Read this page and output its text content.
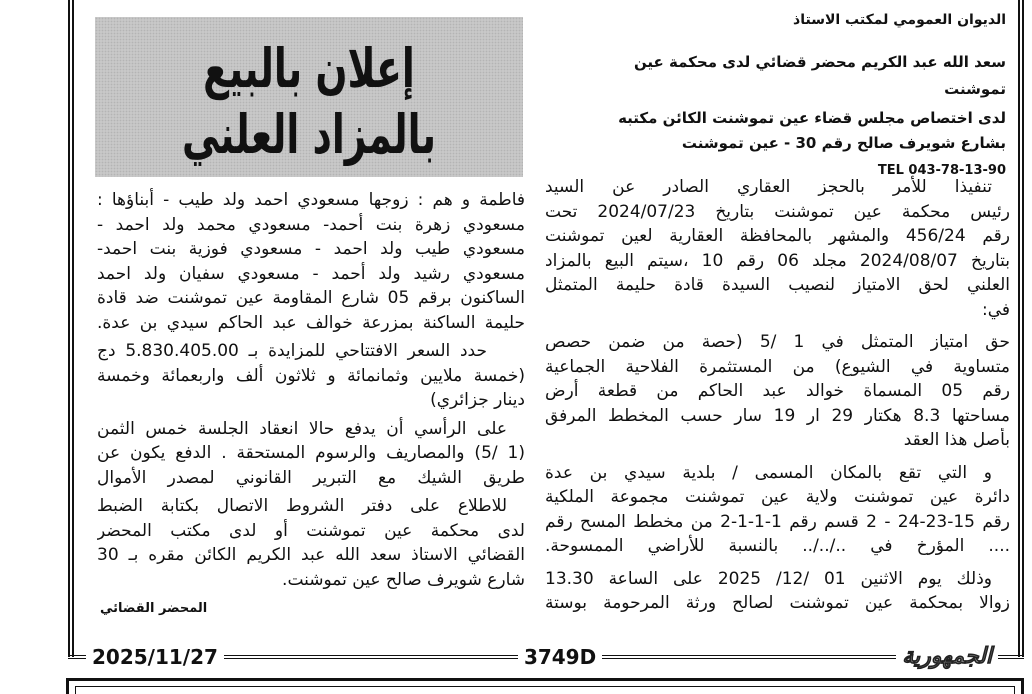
الديوان العمومي لمكتب الاستاذ
سعد الله عبد الكريم محضر قضائي لدى محكمة عين
تموشنت
لدى اختصاص مجلس قضاء عين تموشنت الكائن مكتبه
بشارع شويرف صالح رقم 30 - عين تموشنت
TEL 043-78-13-90
إعلان بالبيع
بالمزاد العلني
تنفيذا للأمر بالحجز العقاري الصادر عن السيد
رئيس محكمة عين تموشنت بتاريخ 2024/07/23 تحت
رقم 456/24 والمشهر بالمحافظة العقارية لعين تموشنت
بتاريخ 2024/08/07 مجلد 06 رقم 10 ،سيتم البيع بالمزاد
العلني لحق الامتياز لنصيب السيدة قادة حليمة المتمثل
في:
حق امتياز المتمثل في 1 /5 (حصة من ضمن حصص
متساوية في الشيوع) من المستثمرة الفلاحية الجماعية
رقم 05 المسماة خوالد عبد الحاكم من قطعة أرض
مساحتها 8.3 هكتار 29 ار 19 سار حسب المخطط المرفق
بأصل هذا العقد
و التي تقع بالمكان المسمى / بلدية سيدي بن عدة
دائرة عين تموشنت ولاية عين تموشنت مجموعة الملكية
رقم 15-23-24 - 2 قسم رقم 1-1-1-2 من مخطط المسح رقم
.... المؤرخ في ../../.. بالنسبة للأراضي الممسوحة.
وذلك يوم الاثنين 01 /12/ 2025 على الساعة 13.30
زوالا بمحكمة عين تموشنت لصالح ورثة المرحومة بوستة
فاطمة و هم : زوجها مسعودي احمد ولد طيب - أبناؤها :
مسعودي زهرة بنت أحمد- مسعودي محمد ولد احمد -
مسعودي طيب ولد احمد - مسعودي فوزية بنت احمد-
مسعودي رشيد ولد أحمد - مسعودي سفيان ولد احمد
الساكنون برقم 05 شارع المقاومة عين تموشنت ضد قادة
حليمة الساكنة بمزرعة خوالف عبد الحاكم سيدي بن عدة.
حدد السعر الافتتاحي للمزايدة بـ 5.830.405.00 دج
(خمسة ملايين وثمانمائة و ثلاثون ألف واربعمائة وخمسة
دينار جزائري)
على الرأسي أن يدفع حالا انعقاد الجلسة خمس الثمن
(1 /5) والمصاريف والرسوم المستحقة . الدفع يكون عن
طريق الشيك مع التبرير القانوني لمصدر الأموال
للاطلاع على دفتر الشروط الاتصال بكتابة الضبط
لدى محكمة عين تموشنت أو لدى مكتب المحضر
القضائي الاستاذ سعد الله عبد الكريم الكائن مقره بـ 30
شارع شويرف صالح عين تموشنت.
المحضر القضائي
2025/11/27	3749D	الجمهورية
